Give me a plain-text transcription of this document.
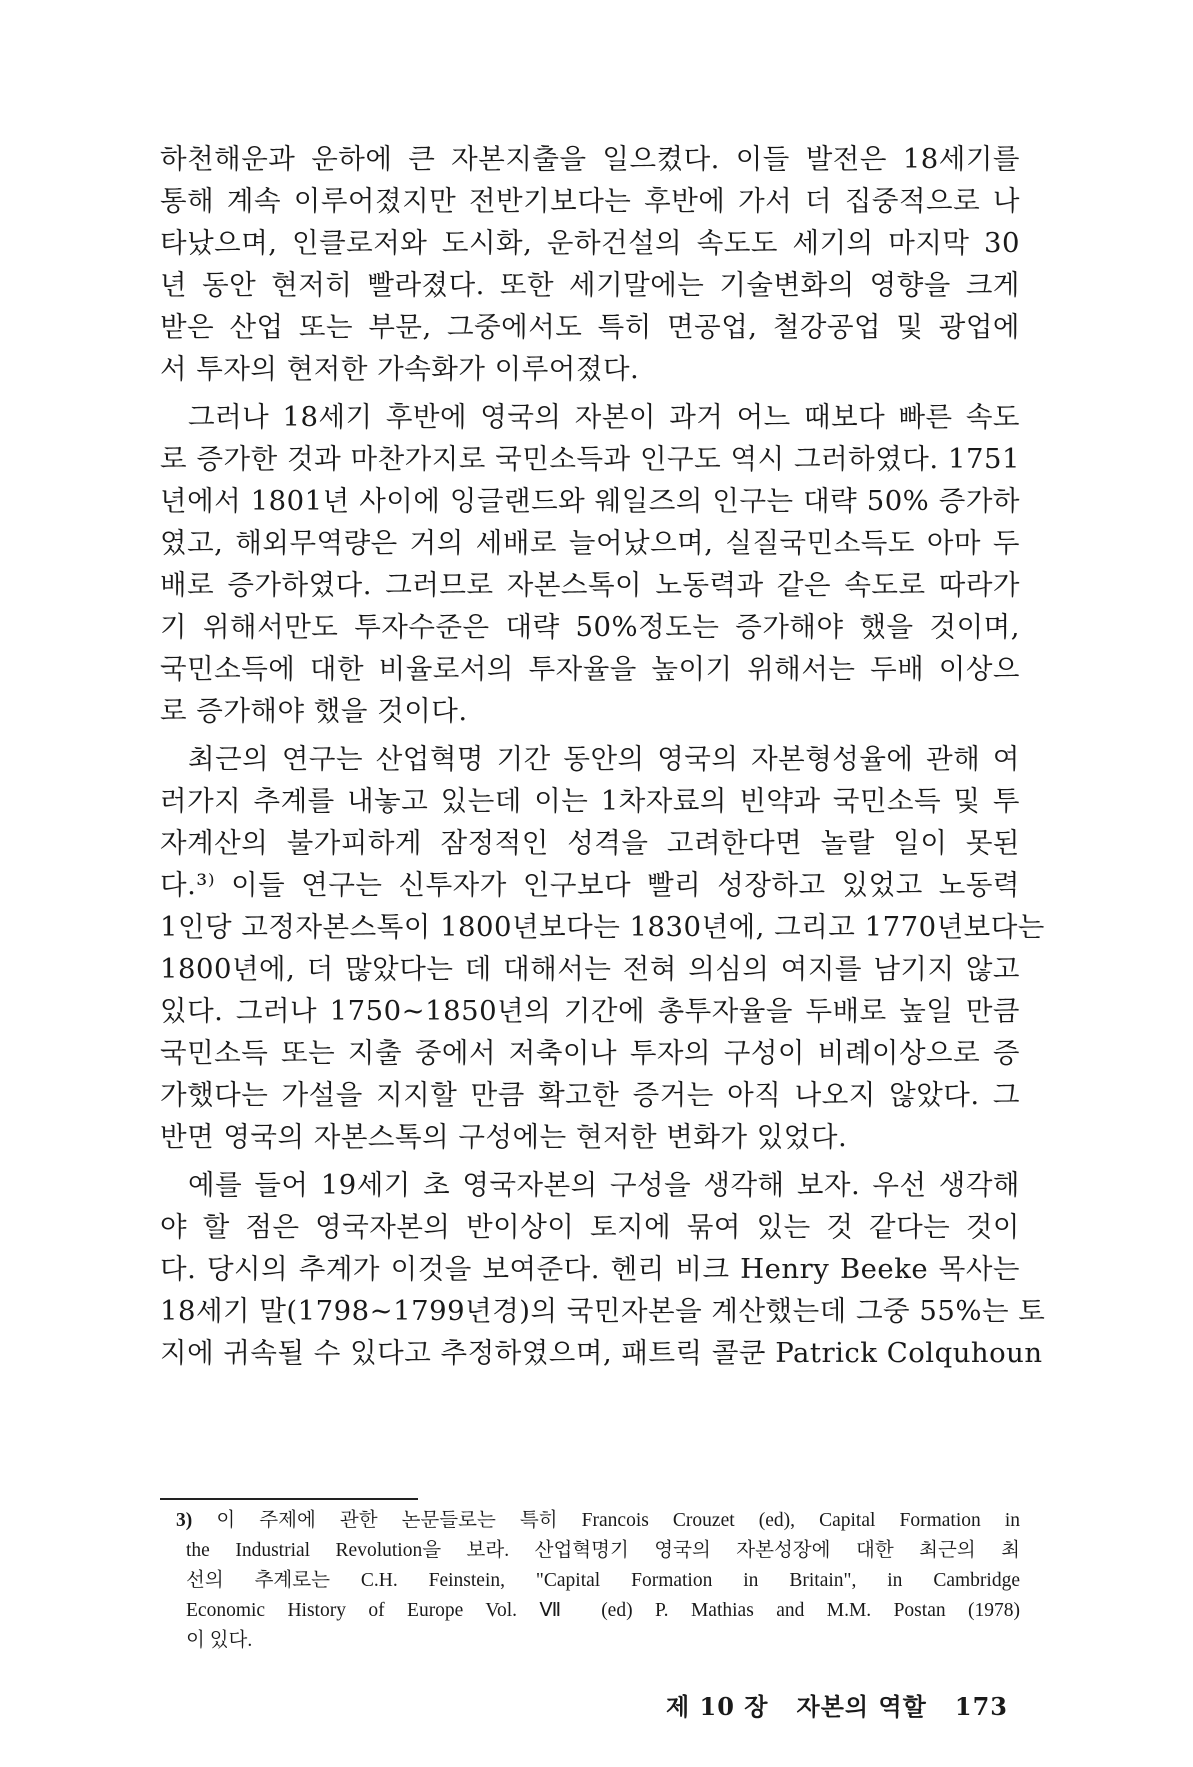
하천해운과 운하에 큰 자본지출을 일으켰다. 이들 발전은 18세기를
통해 계속 이루어졌지만 전반기보다는 후반에 가서 더 집중적으로 나
타났으며, 인클로저와 도시화, 운하건설의 속도도 세기의 마지막 30
년 동안 현저히 빨라졌다. 또한 세기말에는 기술변화의 영향을 크게
받은 산업 또는 부문, 그중에서도 특히 면공업, 철강공업 및 광업에
서 투자의 현저한 가속화가 이루어졌다.
그러나 18세기 후반에 영국의 자본이 과거 어느 때보다 빠른 속도
로 증가한 것과 마찬가지로 국민소득과 인구도 역시 그러하였다. 1751
년에서 1801년 사이에 잉글랜드와 웨일즈의 인구는 대략 50% 증가하
였고, 해외무역량은 거의 세배로 늘어났으며, 실질국민소득도 아마 두
배로 증가하였다. 그러므로 자본스톡이 노동력과 같은 속도로 따라가
기 위해서만도 투자수준은 대략 50%정도는 증가해야 했을 것이며,
국민소득에 대한 비율로서의 투자율을 높이기 위해서는 두배 이상으
로 증가해야 했을 것이다.
최근의 연구는 산업혁명 기간 동안의 영국의 자본형성율에 관해 여
러가지 추계를 내놓고 있는데 이는 1차자료의 빈약과 국민소득 및 투
자계산의 불가피하게 잠정적인 성격을 고려한다면 놀랄 일이 못된
다.³⁾ 이들 연구는 신투자가 인구보다 빨리 성장하고 있었고 노동력
1인당 고정자본스톡이 1800년보다는 1830년에, 그리고 1770년보다는
1800년에, 더 많았다는 데 대해서는 전혀 의심의 여지를 남기지 않고
있다. 그러나 1750~1850년의 기간에 총투자율을 두배로 높일 만큼
국민소득 또는 지출 중에서 저축이나 투자의 구성이 비례이상으로 증
가했다는 가설을 지지할 만큼 확고한 증거는 아직 나오지 않았다. 그
반면 영국의 자본스톡의 구성에는 현저한 변화가 있었다.
예를 들어 19세기 초 영국자본의 구성을 생각해 보자. 우선 생각해
야 할 점은 영국자본의 반이상이 토지에 묶여 있는 것 같다는 것이
다. 당시의 추계가 이것을 보여준다. 헨리 비크 Henry Beeke 목사는
18세기 말(1798~1799년경)의 국민자본을 계산했는데 그중 55%는 토
지에 귀속될 수 있다고 추정하였으며, 패트릭 콜쿤 Patrick Colquhoun
3) 이 주제에 관한 논문들로는 특히 Francois Crouzet (ed), Capital Formation in
the Industrial Revolution을 보라. 산업혁명기 영국의 자본성장에 대한 최근의 최
선의 추계로는 C.H. Feinstein, "Capital Formation in Britain", in Cambridge
Economic History of Europe Vol. Ⅶ (ed) P. Mathias and M.M. Postan (1978)
이 있다.
제 10 장 자본의 역할 173
